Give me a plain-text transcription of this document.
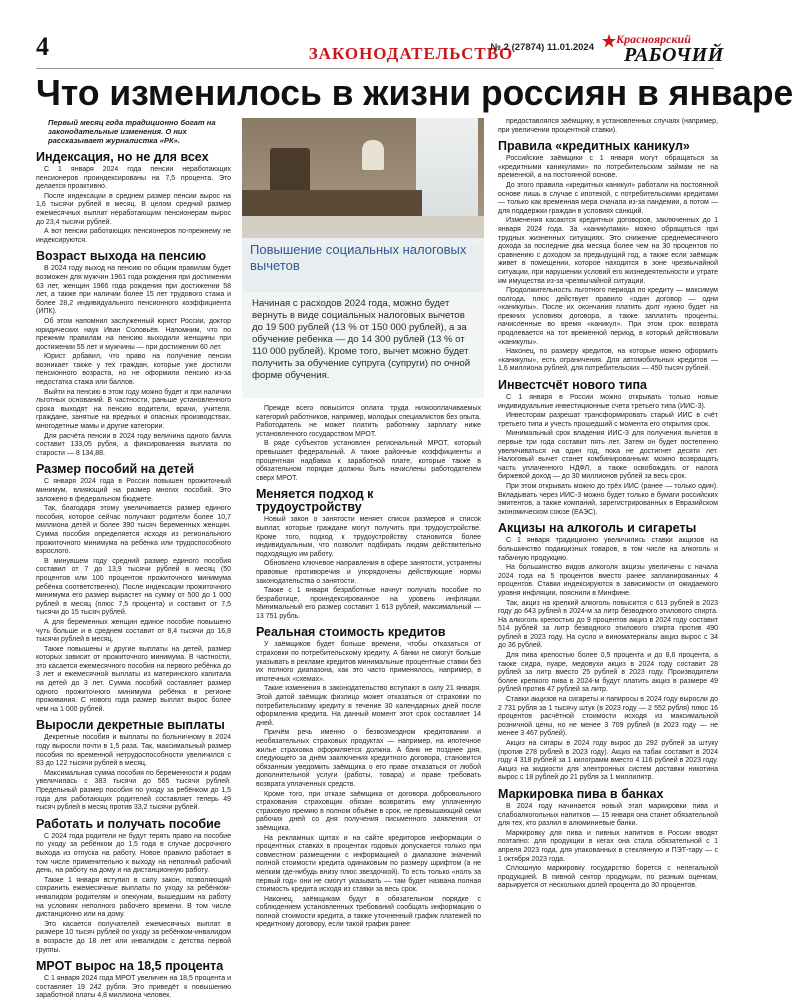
4	ЗАКОНОДАТЕЛЬСТВО
№ 2 (27874) 11.01.2024
Красноярский
РАБОЧИЙ
Что изменилось в жизни россиян в январе
Первый месяц года традиционно богат на законодательные изменения. О них рассказывает журналистка «РК».
Индексация, но не для всех

С 1 января 2024 года пенсии неработающих пенсионеров проиндексированы на 7,5 процента. Это делается проактивно.

После индексации в среднем размер пенсии вырос на 1,6 тысячи рублей в месяц. В целом средний размер ежемесячных выплат неработающим пенсионерам вырос до 23,4 тысячи рублей.

А вот пенсии работающих пенсионеров по-прежнему не индексируются.

Возраст выхода на пенсию

В 2024 году выход на пенсию по общим правилам будет возможен для мужчин 1961 года рождения при достижении 63 лет, женщин 1966 года рождения при достижении 58 лет, а также при наличии более 15 лет трудового стажа и более 28,2 индивидуального пенсионного коэффициента (ИПК).

Об этом напомнил заслуженный юрист России, доктор юридических наук Иван Соловьёв. Напомним, что по прежним правилам на пенсию выходили женщины при достижении 55 лет и мужчины — при достижении 60 лет.

Юрист добавил, что право на получение пенсии возникает также у тех граждан, которые уже достигли пенсионного возраста, но не оформили пенсию из-за недостатка стажа или баллов.

Выйти на пенсию в этом году можно будет и при наличии льготных оснований. В частности, раньше установленного срока выходят на пенсию водители, врачи, учителя, граждане, занятые на вредных и опасных производствах, многодетные мамы и другие категории.

Для расчёта пенсии в 2024 году величина одного балла составит 133,05 рубля, а фиксированная выплата по старости — 8 134,88.

Размер пособий на детей

С января 2024 года в России повышен прожиточный минимум, влияющий на размер многих пособий. Это заложено в федеральном бюджете.

Так, благодаря этому увеличивается размер единого пособия, которое сейчас получают родители более 10,7 миллиона детей и более 390 тысяч беременных женщин. Сумма пособия определяется исходя из регионального прожиточного минимума на ребёнка или трудоспособного взрослого.

В минувшем году средний размер единого пособия составил от 7 до 13,9 тысячи рублей в месяц (50 процентов или 100 процентов прожиточного минимума ребёнка соответственно). После индексации прожиточного минимума его размер вырастет на сумму от 500 до 1 000 рублей в месяц (плюс 7,5 процента) и составит от 7,5 тысячи до 15 тысяч рублей.

А для беременных женщин единое пособие повышено чуть больше и в среднем составит от 8,4 тысячи до 16,8 тысячи рублей в месяц.

Также повышены и другие выплаты на детей, размер которых зависит от прожиточного минимума. В частности, это касается ежемесячного пособия на первого ребёнка до 3 лет и ежемесячной выплаты из материнского капитала на детей до 3 лет. Сумма пособий составляет размер одного прожиточного минимума ребёнка в регионе проживания. С нового года размер выплат вырос более чем на 1 000 рублей.

Выросли декретные выплаты

Декретные пособия и выплаты по больничному в 2024 году выросли почти в 1,5 раза. Так, максимальный размер пособия по временной нетрудоспособности увеличился с 83 до 122 тысячи рублей в месяц.

Максимальная сумма пособия по беременности и родам увеличилась с 383 тысячи до 565 тысячи рублей. Предельный размер пособия по уходу за ребёнком до 1,5 года для работающих родителей составляет теперь 49 тысяч рублей в месяц против 33,2 тысячи рублей.

Работать и получать пособие

С 2024 года родители не будут терять право на пособие по уходу за ребёнком до 1,5 года в случае досрочного выхода из отпуска на работу. Новое правило работает в том числе применительно к выходу на неполный рабочий день, на работу на дому и на дистанционную работу.

Также 1 января вступил в силу закон, позволяющий сохранить ежемесячные выплаты по уходу за ребёнком-инвалидом родителям и опекунам, вышедшим на работу на условиях неполного рабочего времени. В том числе дистанционно или на дому.

Это касается получателей ежемесячных выплат в размере 10 тысяч рублей по уходу за ребёнком-инвалидом в возрасте до 18 лет или инвалидом с детства первой группы.

МРОТ вырос на 18,5 процента

С 1 января 2024 года МРОТ увеличен на 18,5 процента и составляет 19 242 рубля. Это приведёт к повышению заработной платы 4,8 миллиона человек.

Повышение социальных налоговых вычетов
Начиная с расходов 2024 года, можно будет вернуть в виде социальных налоговых вычетов до 19 500 рублей (13 % от 150 000 рублей), а за обучение ребенка — до 14 300 рублей (13 % от 110 000 рублей). Кроме того, вычет можно будет получить за обучение супруга (супруги) по очной форме обучения.

Прежде всего повысится оплата труда низкооплачиваемых категорий работников, например, молодых специалистов без опыта. Работодатель не может платить работнику зарплату ниже установленного государством МРОТ.

В ряде субъектов установлен региональный МРОТ, который превышает федеральный. А также районные коэффициенты и процентная надбавка к заработной плате, которые также в обязательном порядке должны быть начислены работодателем сверх МРОТ.

Меняется подход к трудоустройству

Новый закон о занятости меняет список размеров и список выплат, которые граждане могут получить при трудоустройстве. Кроме того, подход к трудоустройству становится более индивидуальным, что позволит подбирать людям действительно подходящую им работу.

Обновлено ключевое направления в сфере занятости, устранены правовые противоречия и упорядочены действующие нормы законодательства о занятости.

Также с 1 января безработные начнут получать пособие по безработице, проиндексированное на уровень инфляции. Минимальный его размер составит 1 613 рублей, максимальный — 13 751 рубль.

Реальная стоимость кредитов

У заёмщиков будет больше времени, чтобы отказаться от страховки по потребительскому кредиту. А банки не смогут больше указывать в рекламе кредитов минимальные процентные ставки без их полного диапазона, как это часто применялось, например, в ипотечных «схемах».

Такие изменения в законодательство вступают в силу 21 января. Этой датой заёмщик физлицо может отказаться от страховки по потребительскому кредиту в течение 30 календарных дней после оформления кредита. На данный момент этот срок составляет 14 дней.

Причём речь именно о безвозмездном кредитовании и необязательных страховых продуктах — например, на ипотечное жилье страховка оформляется должна. А банк не позднее дня, следующего за днём заключения кредитного договора, становится обязанным уведомить заёмщика о его праве отказаться от любой дополнительной услуги (работы, товара) и праве требовать возврата уплаченных средств.

Кроме того, при отказе заёмщика от договора добровольного страхования страховщик обязан возвратить ему уплаченную страховую премию в полном объёме в срок, не превышающий семи рабочих дней со дня получения письменного заявления от заёмщика.

На рекламных щитах и на сайте кредиторов информации о процентных ставках в процентах годовых допускается только при совместном размещении с информацией о диапазоне значений полной стоимости кредита одинаковым по размеру шрифтом (а не мелким где-нибудь внизу плюс звездочкой). То есть только «нолъ за первый год» они не смогут указывать — там будет названа полная стоимость кредита исходя из ставки за весь срок.

Наконец, заёмщикам будут в обязательном порядке с соблюдением установленных требований сообщать информацию о полной стоимости кредита, а также уточненный график платежей по кредитному договору, если такой график ранее

предоставлялся заёмщику, в установленных случаях (например, при увеличении процентной ставки).

Правила «кредитных каникул»

Российские заёмщики с 1 января могут обращаться за «кредитными каникулами» по потребительским займам не на временной, а на постоянной основе.

До этого правила «кредитных каникул» работали на постоянной основе лишь в случае с ипотекой, с потребительскими кредитами — только как временная мера сначала из-за пандемии, а потом — для поддержки граждан в условиях санкций.

Изменения касаются кредитных договоров, заключенных до 1 января 2024 года. За «каникулами» можно обращаться при трудных жизненных ситуациях. Это снижение среднемесячного дохода за последние два месяца более чем на 30 процентов по сравнению с доходом за предыдущий год, а также если заёмщик живет в помещении, которое находится в зоне чрезвычайной ситуации, при нарушении условий его жизнедеятельности и утрате им имущества из-за чрезвычайной ситуации.

Продолжительность льготного периода по кредиту — максимум полгода, плюс действует правило «один договор — одни «каникулы». После их окончания платить долг нужно будет на прежних условиях договора, а также заплатить проценты, начисленные во время «каникул». При этом срок возврата продлевается на тот временной период, в который действовали «каникулы».

Наконец, по размеру кредитов, на которые можно оформить «каникулы», есть ограничения. Для автомобильных кредитов — 1,6 миллиона рублей, для потребительских — 450 тысяч рублей.

Инвестсчёт нового типа

С 1 января в России можно открывать только новые индивидуальные инвестиционные счета третьего типа (ИИС-3).

Инвесторам разрешат трансформировать старый ИИС в счёт третьего типа и учесть прошедший с момента его открытия срок.

Минимальный срок владения ИИС-3 для получения вычетов в первые три года составит пять лет. Затем он будет постепенно увеличиваться на один год, пока не достигнет десяти лет. Налоговый вычет станет комбинированным: можно возвращать часть уплаченного НДФЛ, а также освобождать от налога биржевой доход — до 30 миллионов рублей за весь срок.

При этом открывать можно до трёх ИИС (ранее — только один). Вкладывать через ИИС-3 можно будет только в бумаги российских эмитентов, а также компаний, зарегистрированных в Евразийском экономическом союзе (ЕАЭС).

Акцизы на алкоголь и сигареты

С 1 января традиционно увеличились ставки акцизов на большинство подакцизных товаров, в том числе на алкоголь и табачную продукцию.

На большинство видов алкоголя акцизы увеличены с начала 2024 года на 5 процентов вместо ранее запланированных 4 процентов. Ставки индексируются в зависимости от ожидаемого уровня инфляции, пояснили в Минфине.

Так, акциз на крепкий алкоголь повысится с 613 рублей в 2023 году до 643 рублей в 2024-м за литр безводного этилового спирта. На алкоголь крепостью до 9 процентов акциз в 2024 году составит 514 рублей за литр безводного этилового спирта против 490 рублей в 2023 году. На сусло и виноматериалы акциз вырос с 34 до 36 рублей.

Для пива крепостью более 0,5 процента и до 8,6 процента, а также сидра, пуаре, медовухи акциз в 2024 году составит 28 рублей за литр вместо 25 рублей в 2023 году. Производители более крепкого пива в 2024-м будут платить акциз в размере 49 рублей против 47 рублей за литр.

Ставки акцизов на сигареты и папиросы в 2024 году выросли до 2 731 рубля за 1 тысячу штук (в 2023 году — 2 552 рубля) плюс 16 процентов расчётной стоимости исходя из максимальной розничной цены, но не менее 3 709 рублей (в 2023 году — не менее 3 467 рублей).

Акциз на сигары в 2024 году вырос до 292 рублей за штуку (против 278 рублей в 2023 году). Акциз на табак составит в 2024 году 4 318 рублей за 1 килограмм вместо 4 116 рублей в 2023 году. Акциз на жидкости для электронных систем доставки никотина вырос с 18 рублей до 21 рубля за 1 миллилитр.

Маркировка пива в банках

В 2024 году начинается новый этап маркировки пива и слабоалкогольных напитков — 15 января она станет обязательной для тех, кто разлил в алюминиевые банки.

Маркировку для пива и пивных напитков в России вводят поэтапно: для продукции в кегах она стала обязательной с 1 апреля 2023 года, для упакованных в стеклянную и ПЭТ-тару — с 1 октября 2023 года.

Сплошную маркировку государство борется с нелегальной продукцией. В пивной сектор продукции, по разным оценкам, варьируется от нескольких долей процента до 30 процентов.
